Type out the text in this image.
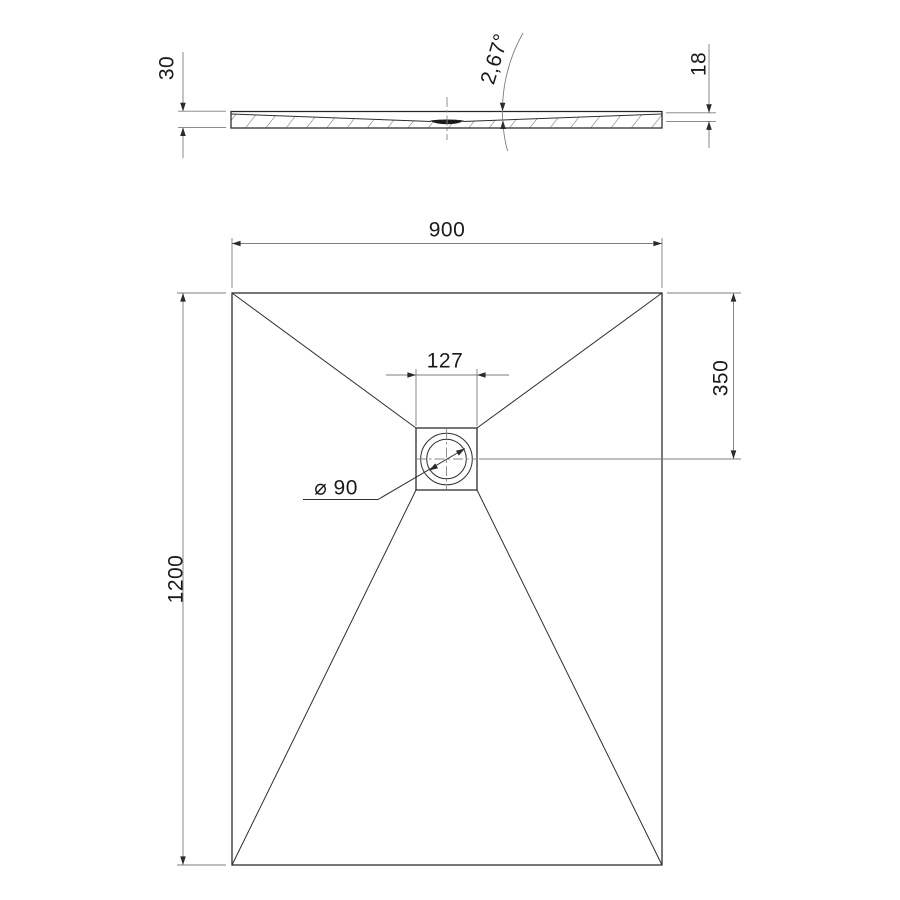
30	2,67°	18
900
127	350
1200
⌀ 90
